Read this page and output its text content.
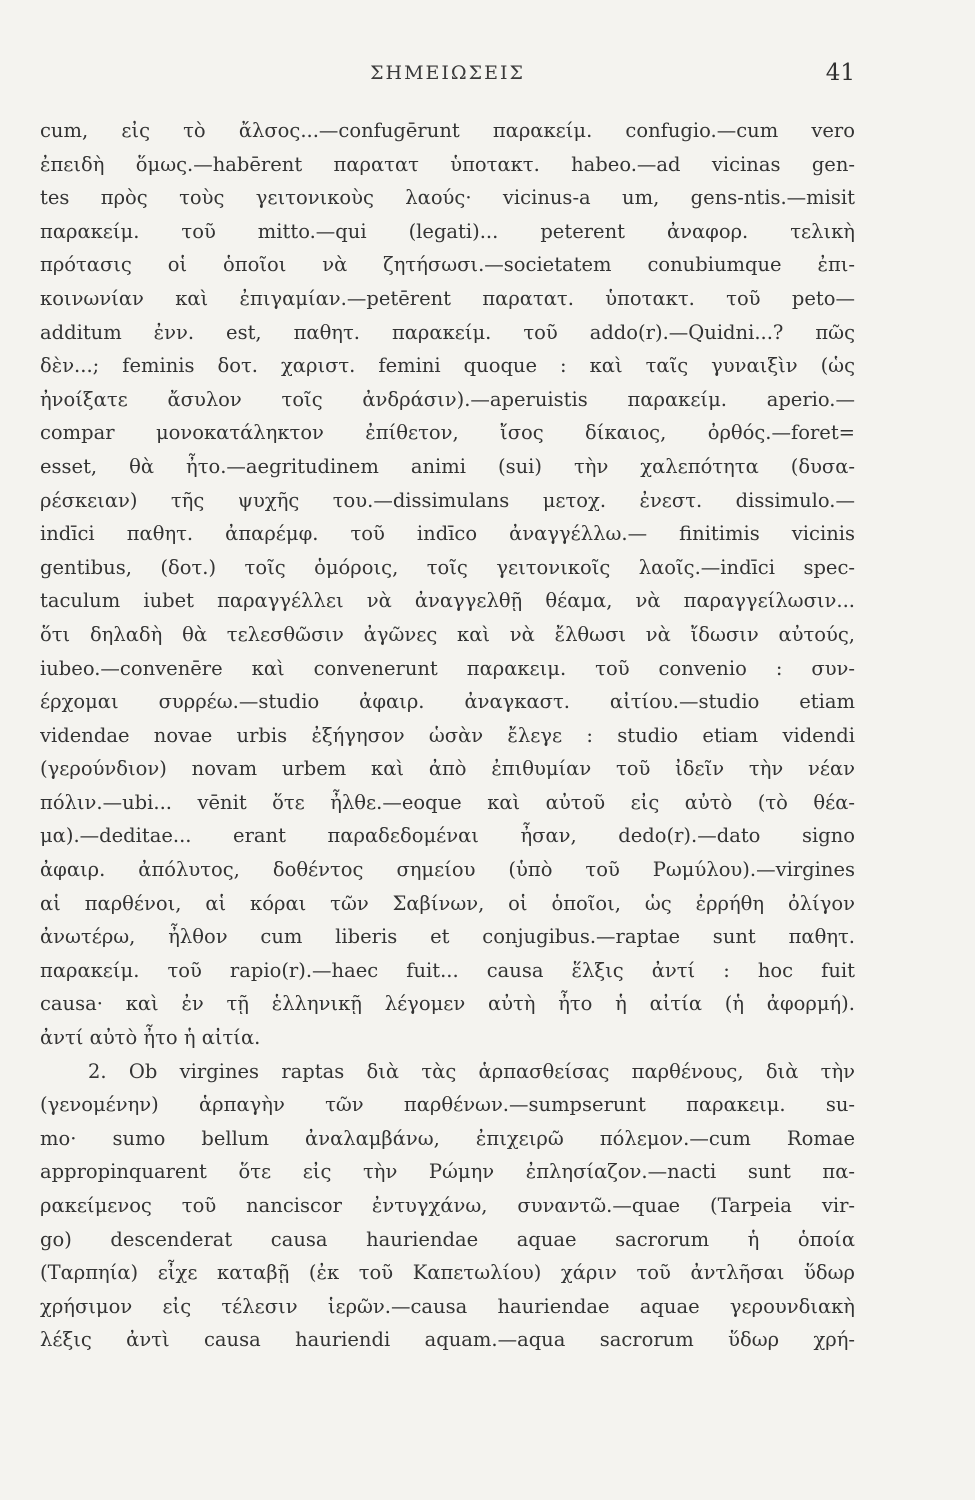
ΣΗΜΕΙΩΣΕΙΣ	41
cum, εἰς τὸ ἄλσος...—confugērunt παρακείμ. confugio.—cum vero
ἐπειδὴ ὅμως.—habērent παρατατ ὑποτακτ. habeo.—ad vicinas gen-
tes πρὸς τοὺς γειτονικοὺς λαούς· vicinus-a um, gens-ntis.—misit
παρακείμ. τοῦ mitto.—qui (legati)... peterent ἀναφορ. τελικὴ
πρότασις οἱ ὁποῖοι νὰ ζητήσωσι.—societatem conubiumque ἐπι-
κοινωνίαν καὶ ἐπιγαμίαν.—petērent παρατατ. ὑποτακτ. τοῦ peto—
additum ἐνν. est, παθητ. παρακείμ. τοῦ addo(r).—Quidni...? πῶς
δὲν...; feminis δοτ. χαριστ. femini quoque : καὶ ταῖς γυναιξὶν (ὡς
ἠνοίξατε ἄσυλον τοῖς ἀνδράσιν).—aperuistis παρακείμ. aperio.—
compar μονοκατάληκτον ἐπίθετον, ἴσος δίκαιος, ὀρθός.—foret=
esset, θὰ ἦτο.—aegritudinem animi (sui) τὴν χαλεπότητα (δυσα-
ρέσκειαν) τῆς ψυχῆς του.—dissimulans μετοχ. ἐνεστ. dissimulo.—
indīci παθητ. ἀπαρέμφ. τοῦ indīco ἀναγγέλλω.— finitimis vicinis
gentibus, (δοτ.) τοῖς ὁμόροις, τοῖς γειτονικοῖς λαοῖς.—indīci spec-
taculum iubet παραγγέλλει νὰ ἀναγγελθῇ θέαμα, νὰ παραγγείλωσιν...
ὅτι δηλαδὴ θὰ τελεσθῶσιν ἀγῶνες καὶ νὰ ἔλθωσι νὰ ἴδωσιν αὐτούς,
iubeo.—convenēre καὶ convenerunt παρακειμ. τοῦ convenio : συν-
έρχομαι συρρέω.—studio ἀφαιρ. ἀναγκαστ. αἰτίου.—studio etiam
videndae novae urbis ἐξήγησον ὡσὰν ἔλεγε : studio etiam videndi
(γερούνδιον) novam urbem καὶ ἀπὸ ἐπιθυμίαν τοῦ ἰδεῖν τὴν νέαν
πόλιν.—ubi... vēnit ὅτε ἦλθε.—eoque καὶ αὐτοῦ εἰς αὐτὸ (τὸ θέα-
μα).—deditae... erant παραδεδομέναι ἦσαν, dedo(r).—dato signo
ἀφαιρ. ἀπόλυτος, δοθέντος σημείου (ὑπὸ τοῦ Ρωμύλου).—virgines
αἱ παρθένοι, αἱ κόραι τῶν Σαβίνων, οἱ ὁποῖοι, ὡς ἐρρήθη ὀλίγον
ἀνωτέρω, ἦλθον cum liberis et conjugibus.—raptae sunt παθητ.
παρακείμ. τοῦ rapio(r).—haec fuit... causa ἕλξις ἀντί : hoc fuit
causa· καὶ ἐν τῇ ἑλληνικῇ λέγομεν αὐτὴ ἦτο ἡ αἰτία (ἡ ἀφορμή).
ἀντί αὐτὸ ἦτο ἡ αἰτία.
2. Ob virgines raptas διὰ τὰς ἁρπασθείσας παρθένους, διὰ τὴν
(γενομένην) ἁρπαγὴν τῶν παρθένων.—sumpserunt παρακειμ. su-
mo· sumo bellum ἀναλαμβάνω, ἐπιχειρῶ πόλεμον.—cum Romae
appropinquarent ὅτε εἰς τὴν Ρώμην ἐπλησίαζον.—nacti sunt πα-
ρακείμενος τοῦ nanciscor ἐντυγχάνω, συναντῶ.—quae (Tarpeia vir-
go) descenderat causa hauriendae aquae sacrorum ἡ ὁποία
(Ταρπηία) εἶχε καταβῇ (ἐκ τοῦ Καπετωλίου) χάριν τοῦ ἀντλῆσαι ὕδωρ
χρήσιμον εἰς τέλεσιν ἱερῶν.—causa hauriendae aquae γερουνδιακὴ
λέξις ἀντὶ causa hauriendi aquam.—aqua sacrorum ὕδωρ χρή-
